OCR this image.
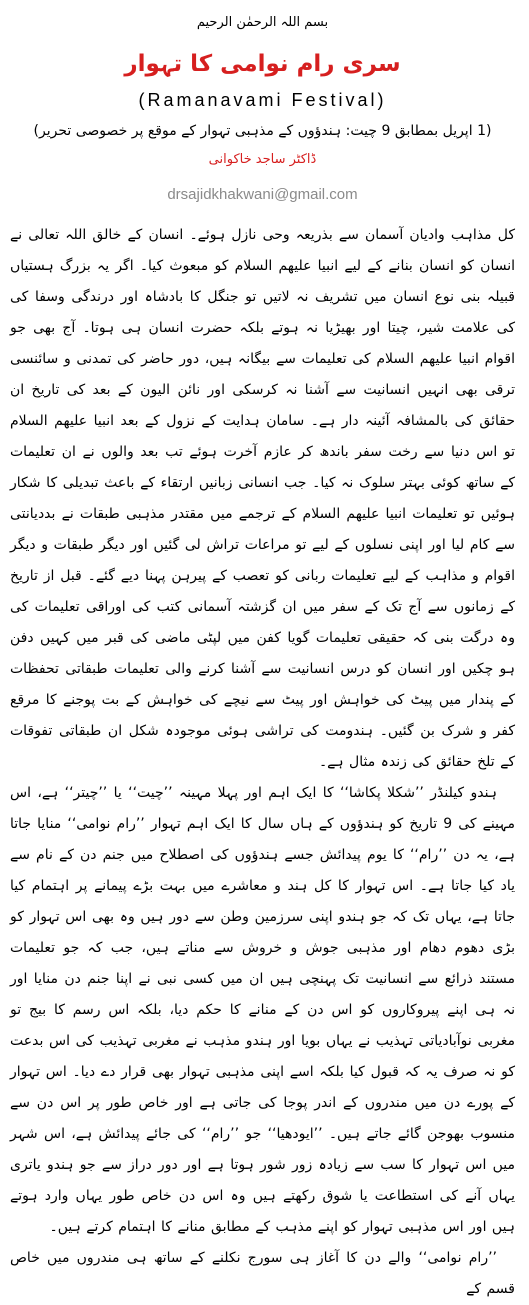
بسم اللہ الرحمٰن الرحیم
سری رام نوامی کا تہوار
(Ramanavami Festival)
(1 اپریل بمطابق 9 چیت: ہندؤوں کے مذہبی تہوار کے موقع پر خصوصی تحریر)
ڈاکٹر ساجد خاکوانی
drsajidkhakwani@gmail.com

کل مذاہب وادیان آسمان سے بذریعہ وحی نازل ہوئے۔ انسان کے خالق اللہ تعالی نے انسان کو انسان بنانے کے لیے انبیا علیھم السلام کو مبعوث کیا۔ اگر یہ بزرگ ہستیاں قبیلہ بنی نوع انسان میں تشریف نہ لاتیں تو جنگل کا بادشاہ اور درندگی وسفا کی کی علامت شیر، چیتا اور بھیڑیا نہ ہوتے بلکہ حضرت انسان ہی ہوتا۔ آج بھی جو اقوام انبیا علیھم السلام کی تعلیمات سے بیگانہ ہیں، دور حاضر کی تمدنی و سائنسی ترقی بھی انہیں انسانیت سے آشنا نہ کرسکی اور نائن الیون کے بعد کی تاریخ ان حقائق کی بالمشافہ آئینہ دار ہے۔ سامان ہدایت کے نزول کے بعد انبیا علیھم السلام تو اس دنیا سے رخت سفر باندھ کر عازم آخرت ہوئے تب بعد والوں نے ان تعلیمات کے ساتھ کوئی بہتر سلوک نہ کیا۔ جب انسانی زبانیں ارتقاء کے باعث تبدیلی کا شکار ہوئیں تو تعلیمات انبیا علیھم السلام کے ترجمے میں مقتدر مذہبی طبقات نے بددیانتی سے کام لیا اور اپنی نسلوں کے لیے تو مراعات تراش لی گئیں اور دیگر طبقات و دیگر اقوام و مذاہب کے لیے تعلیمات ربانی کو تعصب کے پیرہن پہنا دیے گئے۔ قبل از تاریخ کے زمانوں سے آج تک کے سفر میں ان گزشتہ آسمانی کتب کی اوراقی تعلیمات کی وہ درگت بنی کہ حقیقی تعلیمات گویا کفن میں لپٹی ماضی کی قبر میں کہیں دفن ہو چکیں اور انسان کو درس انسانیت سے آشنا کرنے والی تعلیمات طبقاتی تحفظات کے پندار میں پیٹ کی خواہش اور پیٹ سے نیچے کی خواہش کے بت پوجنے کا مرقع کفر و شرک بن گئیں۔ ہندومت کی تراشی ہوئی موجودہ شکل ان طبقاتی تفوقات کے تلخ حقائق کی زندہ مثال ہے۔

ہندو کیلنڈر ’’شکلا پکاشا‘‘ کا ایک اہم اور پہلا مہینہ ’’چیت‘‘ یا ’’چیتر‘‘ ہے، اس مہینے کی 9 تاریخ کو ہندؤوں کے ہاں سال کا ایک اہم تہوار ’’رام نوامی‘‘ منایا جاتا ہے، یہ دن ’’رام‘‘ کا یوم پیدائش جسے ہندؤوں کی اصطلاح میں جنم دن کے نام سے یاد کیا جاتا ہے۔ اس تہوار کا کل ہند و معاشرے میں بہت بڑے پیمانے پر اہتمام کیا جاتا ہے، یہاں تک کہ جو ہندو اپنی سرزمین وطن سے دور ہیں وہ بھی اس تہوار کو بڑی دھوم دھام اور مذہبی جوش و خروش سے مناتے ہیں، جب کہ جو تعلیمات مستند ذرائع سے انسانیت تک پہنچی ہیں ان میں کسی نبی نے اپنا جنم دن منایا اور نہ ہی اپنے پیروکاروں کو اس دن کے منانے کا حکم دیا، بلکہ اس رسم کا بیج تو مغربی نوآبادیاتی تہذیب نے یہاں بویا اور ہندو مذہب نے مغربی تہذیب کی اس بدعت کو نہ صرف یہ کہ قبول کیا بلکہ اسے اپنی مذہبی تہوار بھی قرار دے دیا۔ اس تہوار کے پورے دن میں مندروں کے اندر پوجا کی جاتی ہے اور خاص طور پر اس دن سے منسوب بھوجن گائے جاتے ہیں۔ ’’ایودھیا‘‘ جو ’’رام‘‘ کی جائے پیدائش ہے، اس شہر میں اس تہوار کا سب سے زیادہ زور شور ہوتا ہے اور دور دراز سے جو ہندو یاتری یہاں آنے کی استطاعت یا شوق رکھتے ہیں وہ اس دن خاص طور یہاں وارد ہوتے ہیں اور اس مذہبی تہوار کو اپنے مذہب کے مطابق منانے کا اہتمام کرتے ہیں۔

’’رام نوامی‘‘ والے دن کا آغاز ہی سورج نکلنے کے ساتھ ہی مندروں میں خاص قسم کے
